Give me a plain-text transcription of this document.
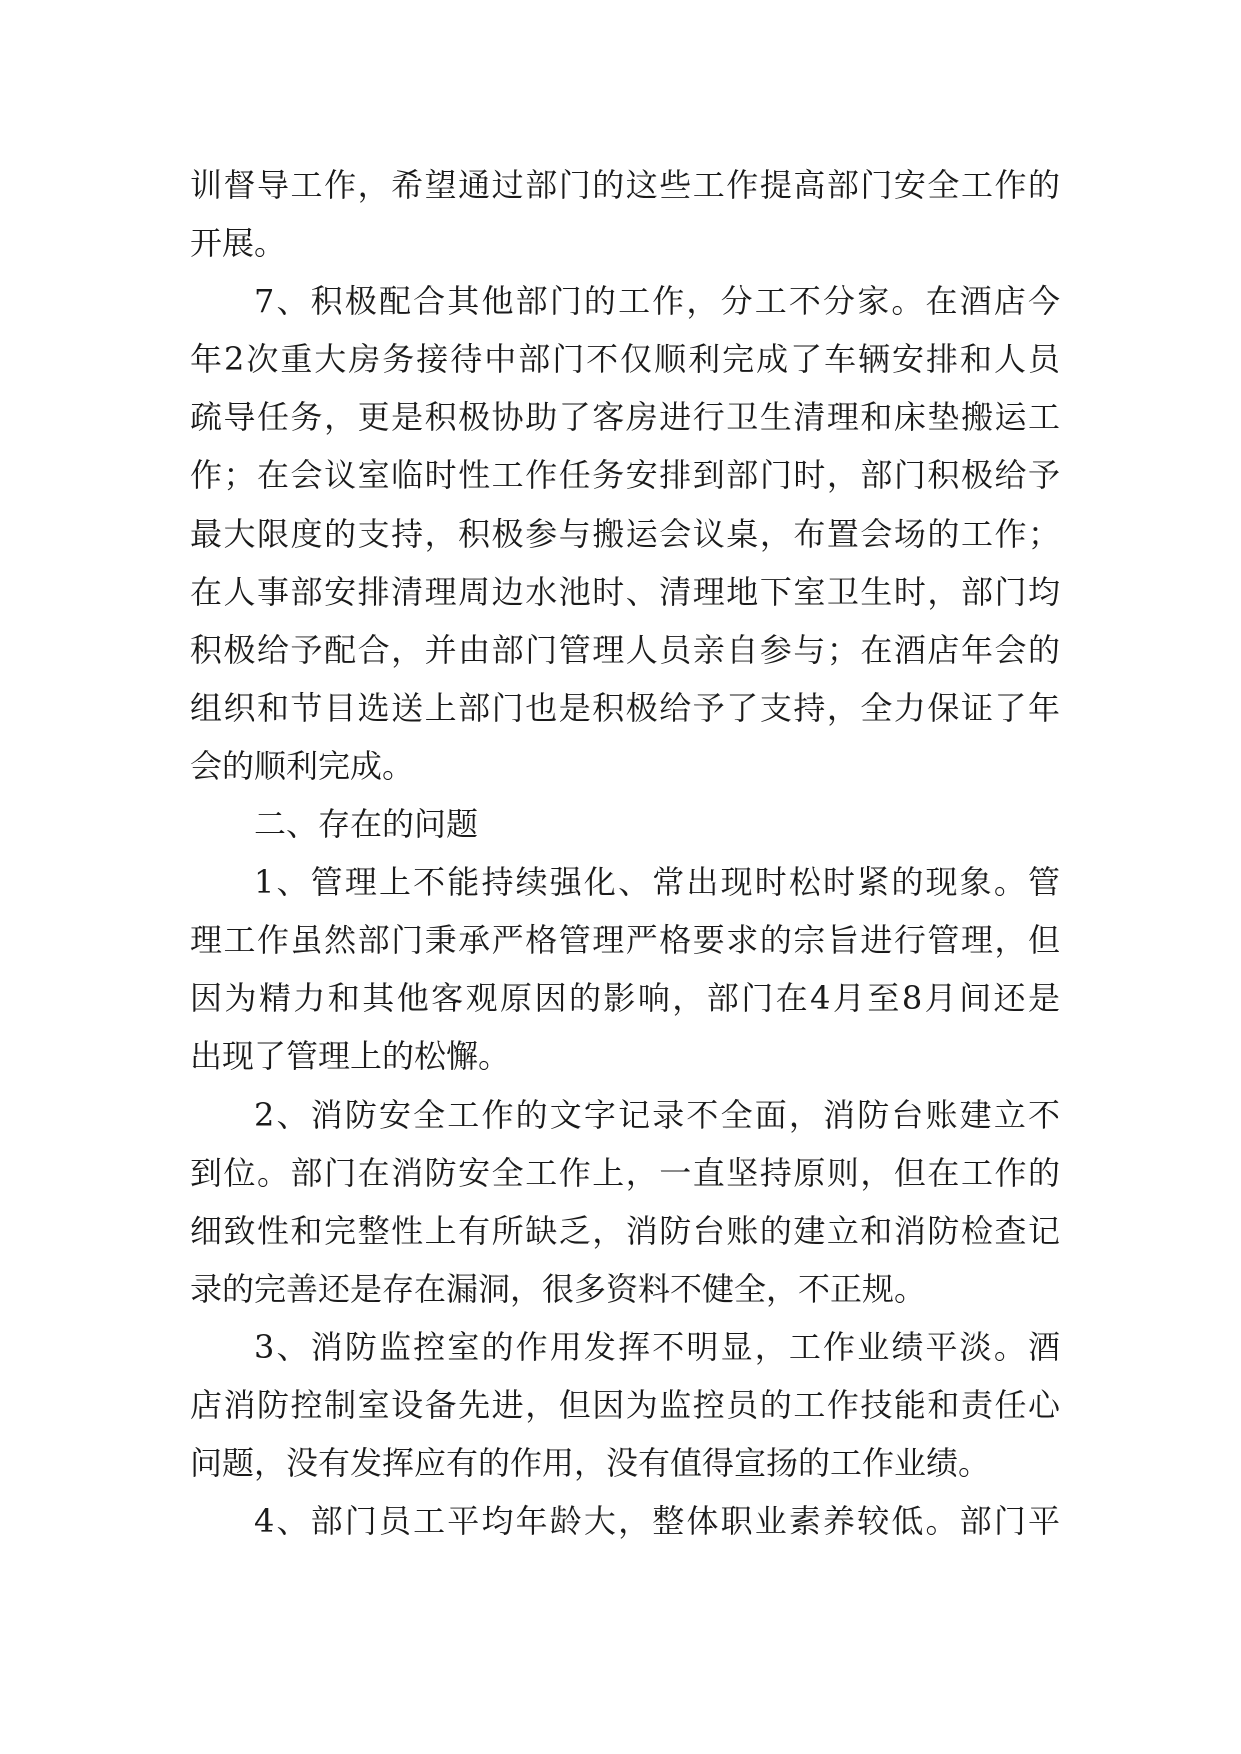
训督导工作，希望通过部门的这些工作提高部门安全工作的
开展。
7、积极配合其他部门的工作，分工不分家。在酒店今
年2次重大房务接待中部门不仅顺利完成了车辆安排和人员
疏导任务，更是积极协助了客房进行卫生清理和床垫搬运工
作；在会议室临时性工作任务安排到部门时，部门积极给予
最大限度的支持，积极参与搬运会议桌，布置会场的工作；
在人事部安排清理周边水池时、清理地下室卫生时，部门均
积极给予配合，并由部门管理人员亲自参与；在酒店年会的
组织和节目选送上部门也是积极给予了支持，全力保证了年
会的顺利完成。
二、存在的问题
1、管理上不能持续强化、常出现时松时紧的现象。管
理工作虽然部门秉承严格管理严格要求的宗旨进行管理，但
因为精力和其他客观原因的影响，部门在4月至8月间还是
出现了管理上的松懈。
2、消防安全工作的文字记录不全面，消防台账建立不
到位。部门在消防安全工作上，一直坚持原则，但在工作的
细致性和完整性上有所缺乏，消防台账的建立和消防检查记
录的完善还是存在漏洞，很多资料不健全，不正规。
3、消防监控室的作用发挥不明显，工作业绩平淡。酒
店消防控制室设备先进，但因为监控员的工作技能和责任心
问题，没有发挥应有的作用，没有值得宣扬的工作业绩。
4、部门员工平均年龄大，整体职业素养较低。部门平
